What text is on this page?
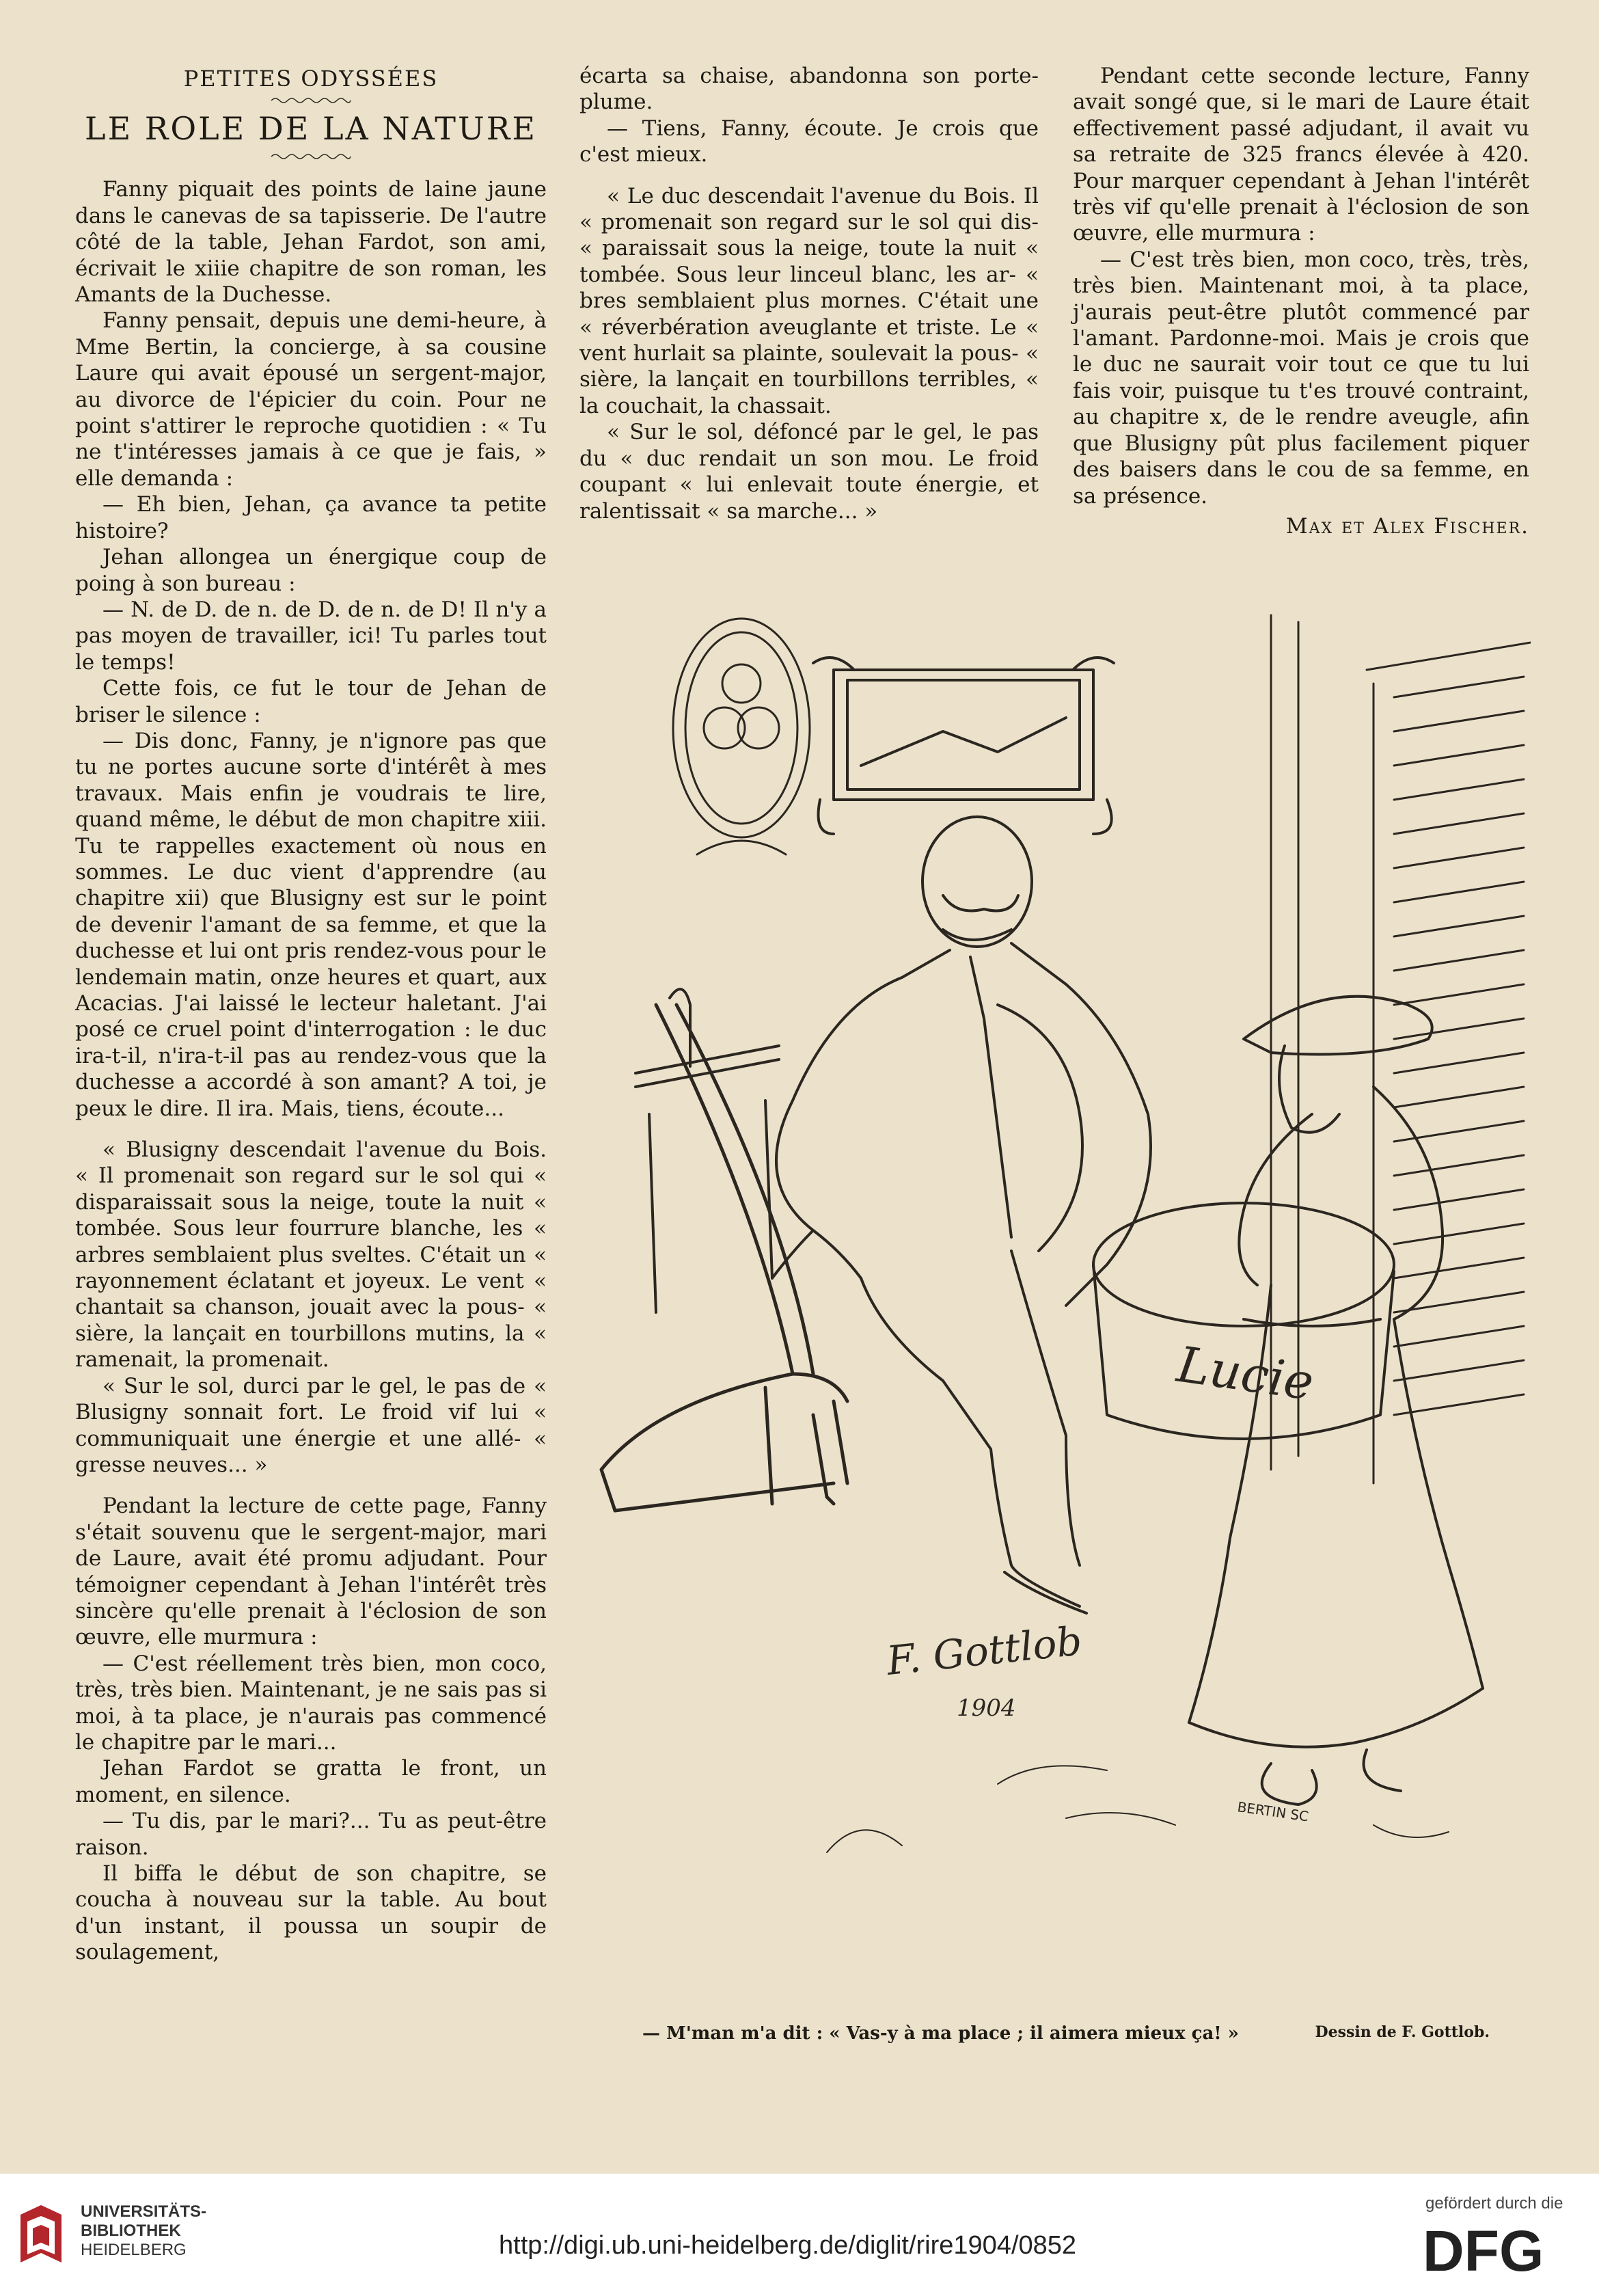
PETITES ODYSSÉES

LE ROLE DE LA NATURE

Fanny piquait des points de laine jaune dans le canevas de sa tapisserie. De l'autre côté de la table, Jehan Fardot, son ami, écrivait le xiiie chapitre de son roman, les Amants de la Duchesse.

Fanny pensait, depuis une demi-heure, à Mme Bertin, la concierge, à sa cousine Laure qui avait épousé un sergent-major, au divorce de l'épicier du coin. Pour ne point s'attirer le reproche quotidien : « Tu ne t'intéresses jamais à ce que je fais, » elle demanda :

— Eh bien, Jehan, ça avance ta petite histoire?

Jehan allongea un énergique coup de poing à son bureau :

— N. de D. de n. de D. de n. de D! Il n'y a pas moyen de travailler, ici! Tu parles tout le temps!

Cette fois, ce fut le tour de Jehan de briser le silence :

— Dis donc, Fanny, je n'ignore pas que tu ne portes aucune sorte d'intérêt à mes travaux. Mais enfin je voudrais te lire, quand même, le début de mon chapitre xiii. Tu te rappelles exactement où nous en sommes. Le duc vient d'apprendre (au chapitre xii) que Blusigny est sur le point de devenir l'amant de sa femme, et que la duchesse et lui ont pris rendez-vous pour le lendemain matin, onze heures et quart, aux Acacias. J'ai laissé le lecteur haletant. J'ai posé ce cruel point d'interrogation : le duc ira-t-il, n'ira-t-il pas au rendez-vous que la duchesse a accordé à son amant? A toi, je peux le dire. Il ira. Mais, tiens, écoute...

« Blusigny descendait l'avenue du Bois. « Il promenait son regard sur le sol qui « disparaissait sous la neige, toute la nuit « tombée. Sous leur fourrure blanche, les « arbres semblaient plus sveltes. C'était un « rayonnement éclatant et joyeux. Le vent « chantait sa chanson, jouait avec la pous- « sière, la lançait en tourbillons mutins, la « ramenait, la promenait.

« Sur le sol, durci par le gel, le pas de « Blusigny sonnait fort. Le froid vif lui « communiquait une énergie et une allé- « gresse neuves... »

Pendant la lecture de cette page, Fanny s'était souvenu que le sergent-major, mari de Laure, avait été promu adjudant. Pour témoigner cependant à Jehan l'intérêt très sincère qu'elle prenait à l'éclosion de son œuvre, elle murmura :

— C'est réellement très bien, mon coco, très, très bien. Maintenant, je ne sais pas si moi, à ta place, je n'aurais pas commencé le chapitre par le mari...

Jehan Fardot se gratta le front, un moment, en silence.

— Tu dis, par le mari?... Tu as peut-être raison.

Il biffa le début de son chapitre, se coucha à nouveau sur la table. Au bout d'un instant, il poussa un soupir de soulagement,

écarta sa chaise, abandonna son porte-plume.

— Tiens, Fanny, écoute. Je crois que c'est mieux.

« Le duc descendait l'avenue du Bois. Il « promenait son regard sur le sol qui dis- « paraissait sous la neige, toute la nuit « tombée. Sous leur linceul blanc, les ar- « bres semblaient plus mornes. C'était une « réverbération aveuglante et triste. Le « vent hurlait sa plainte, soulevait la pous- « sière, la lançait en tourbillons terribles, « la couchait, la chassait.

« Sur le sol, défoncé par le gel, le pas du « duc rendait un son mou. Le froid coupant « lui enlevait toute énergie, et ralentissait « sa marche... »

Pendant cette seconde lecture, Fanny avait songé que, si le mari de Laure était effectivement passé adjudant, il avait vu sa retraite de 325 francs élevée à 420. Pour marquer cependant à Jehan l'intérêt très vif qu'elle prenait à l'éclosion de son œuvre, elle murmura :

— C'est très bien, mon coco, très, très, très bien. Maintenant moi, à ta place, j'aurais peut-être plutôt commencé par l'amant. Pardonne-moi. Mais je crois que le duc ne saurait voir tout ce que tu lui fais voir, puisque tu t'es trouvé contraint, au chapitre x, de le rendre aveugle, afin que Blusigny pût plus facilement piquer des baisers dans le cou de sa femme, en sa présence.

Max et Alex Fischer.

Lucie
F. Gottlob
1904
BERTIN SC
— M'man m'a dit : « Vas-y à ma place ; il aimera mieux ça! »	Dessin de F. Gottlob.
UNIVERSITÄTS-
BIBLIOTHEK
HEIDELBERG	http://digi.ub.uni-heidelberg.de/diglit/rire1904/0852
gefördert durch die
DFG
